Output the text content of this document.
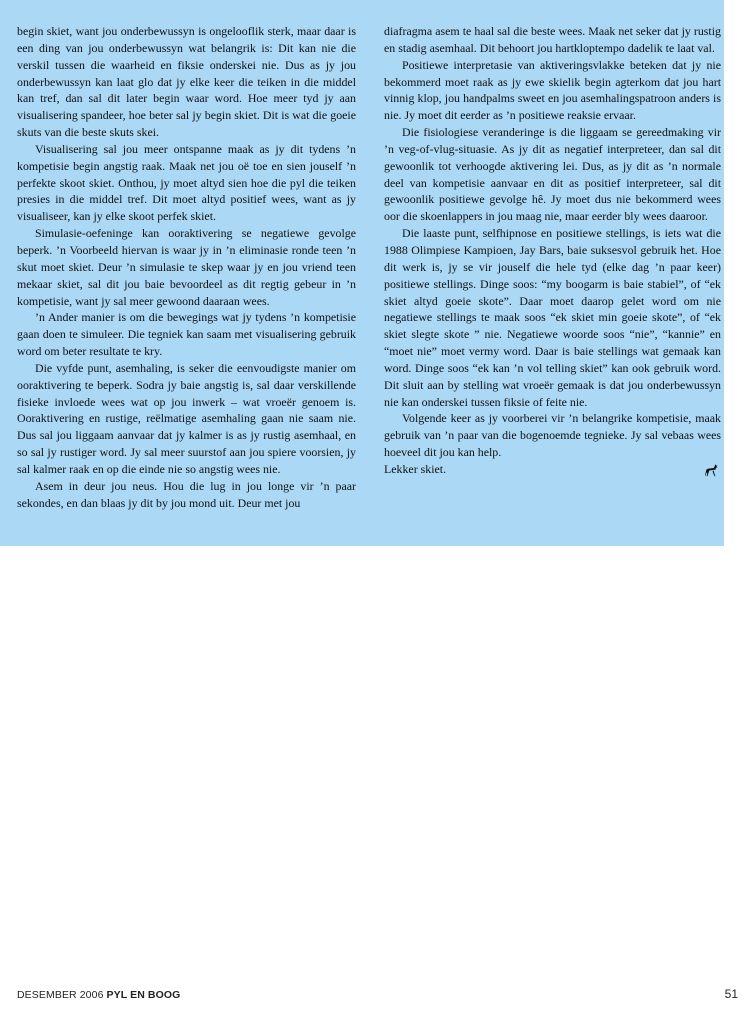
begin skiet, want jou onderbewussyn is ongelooflik sterk, maar daar is een ding van jou onderbewussyn wat belangrik is: Dit kan nie die verskil tussen die waarheid en fiksie onderskei nie. Dus as jy jou onderbewussyn kan laat glo dat jy elke keer die teiken in die middel kan tref, dan sal dit later begin waar word. Hoe meer tyd jy aan visualisering spandeer, hoe beter sal jy begin skiet. Dit is wat die goeie skuts van die beste skuts skei.

Visualisering sal jou meer ontspanne maak as jy dit tydens ’n kompetisie begin angstig raak. Maak net jou oë toe en sien jouself ’n perfekte skoot skiet. Onthou, jy moet altyd sien hoe die pyl die teiken presies in die middel tref. Dit moet altyd positief wees, want as jy visualiseer, kan jy elke skoot perfek skiet.

Simulasie-oefeninge kan ooraktivering se negatiewe gevolge beperk. ’n Voorbeeld hiervan is waar jy in ’n eliminasie ronde teen ’n skut moet skiet. Deur ’n simulasie te skep waar jy en jou vriend teen mekaar skiet, sal dit jou baie bevoordeel as dit regtig gebeur in ’n kompetisie, want jy sal meer gewoond daaraan wees.

’n Ander manier is om die bewegings wat jy tydens ’n kompetisie gaan doen te simuleer. Die tegniek kan saam met visualisering gebruik word om beter resultate te kry.

Die vyfde punt, asemhaling, is seker die eenvoudigste manier om ooraktivering te beperk. Sodra jy baie angstig is, sal daar verskillende fisieke invloede wees wat op jou inwerk – wat vroeër genoem is. Ooraktivering en rustige, reëlmatige asemhaling gaan nie saam nie. Dus sal jou liggaam aanvaar dat jy kalmer is as jy rustig asemhaal, en so sal jy rustiger word. Jy sal meer suurstof aan jou spiere voorsien, jy sal kalmer raak en op die einde nie so angstig wees nie.

Asem in deur jou neus. Hou die lug in jou longe vir ’n paar sekondes, en dan blaas jy dit by jou mond uit. Deur met jou

diafragma asem te haal sal die beste wees. Maak net seker dat jy rustig en stadig asemhaal. Dit behoort jou hartkloptempo dadelik te laat val.

Positiewe interpretasie van aktiveringsvlakke beteken dat jy nie bekommerd moet raak as jy ewe skielik begin agterkom dat jou hart vinnig klop, jou handpalms sweet en jou asemhalingspatroon anders is nie. Jy moet dit eerder as ’n positiewe reaksie ervaar.

Die fisiologiese veranderinge is die liggaam se gereedmaking vir ’n veg-of-vlug-situasie. As jy dit as negatief interpreteer, dan sal dit gewoonlik tot verhoogde aktivering lei. Dus, as jy dit as ’n normale deel van kompetisie aanvaar en dit as positief interpreteer, sal dit gewoonlik positiewe gevolge hê. Jy moet dus nie bekommerd wees oor die skoenlappers in jou maag nie, maar eerder bly wees daaroor.

Die laaste punt, selfhipnose en positiewe stellings, is iets wat die 1988 Olimpiese Kampioen, Jay Bars, baie suksesvol gebruik het. Hoe dit werk is, jy se vir jouself die hele tyd (elke dag ’n paar keer) positiewe stellings. Dinge soos: “my boogarm is baie stabiel”, of “ek skiet altyd goeie skote”. Daar moet daarop gelet word om nie negatiewe stellings te maak soos “ek skiet min goeie skote”, of “ek skiet slegte skote ” nie. Negatiewe woorde soos “nie”, “kannie” en “moet nie” moet vermy word. Daar is baie stellings wat gemaak kan word. Dinge soos “ek kan ’n vol telling skiet” kan ook gebruik word. Dit sluit aan by stelling wat vroeër gemaak is dat jou onderbewussyn nie kan onderskei tussen fiksie of feite nie.

Volgende keer as jy voorberei vir ’n belangrike kompetisie, maak gebruik van ’n paar van die bogenoemde tegnieke. Jy sal vebaas wees hoeveel dit jou kan help.

Lekker skiet.

DESEMBER 2006 PYL EN BOOG	51
